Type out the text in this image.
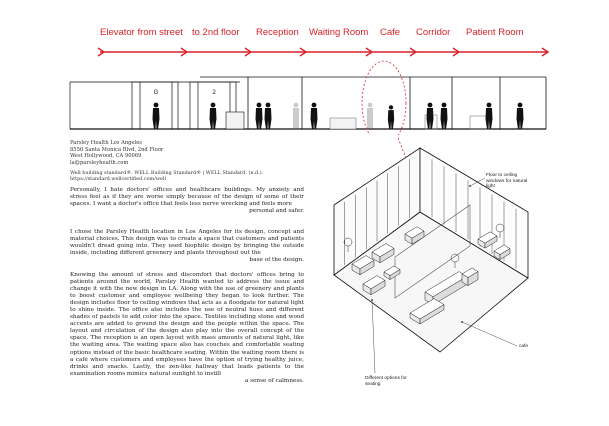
G	2
Elevator from street to 2nd floor Reception Waiting Room Cafe Corridor Patient Room
Parsley Health Los Angeles
8550 Santa Monica Blvd, 2nd Floor
West Hollywood, CA 90069
la@parsleyhealth.com
Well building standard®, WELL Building Standard® | WELL Standard. (n.d.).
https://standard.wellcertified.com/well
Personally, I hate doctors' offices and healthcare buildings. My anxiety and stress feel as if they are worse simply because of the design of some of their spaces. I want a doctor's office that feels less nerve wrecking and feels more
personal and safer.
I chose the Parsley Health location in Los Angeles for its design, concept and material choices. This design was to create a space that customers and patients wouldn't dread going into. They used biophilic design by bringing the outside inside, including different greenery and plants throughout out the
base of the design.
Knowing the amount of stress and discomfort that doctors' offices bring to patients around the world, Parsley Health wanted to address the issue and change it with the new design in LA. Along with the use of greenery and plants to boost customer and employee wellbeing they began to look further. The design includes floor to ceiling windows that acts as a floodgate for natural light to shine inside. The office also includes the use of neutral hues and different shades of pastels to add color into the space. Textiles including stone and wood accents are added to ground the design and the people within the space. The layout and circulation of the design also play into the overall concept of the space. The reception is an open layout with mass amounts of natural light, like the waiting area. The waiting space also has couches and comfortable seating options instead of the basic healthcare seating. Within the waiting room there is a café where customers and employees have the option of trying healthy juice, drinks and snacks. Lastly, the zen-like hallway that leads patients to the examination rooms mimics natural sunlight to instill
a sense of calmness.
Floor to ceiling windows for natural light
cafe
Different options for seating
